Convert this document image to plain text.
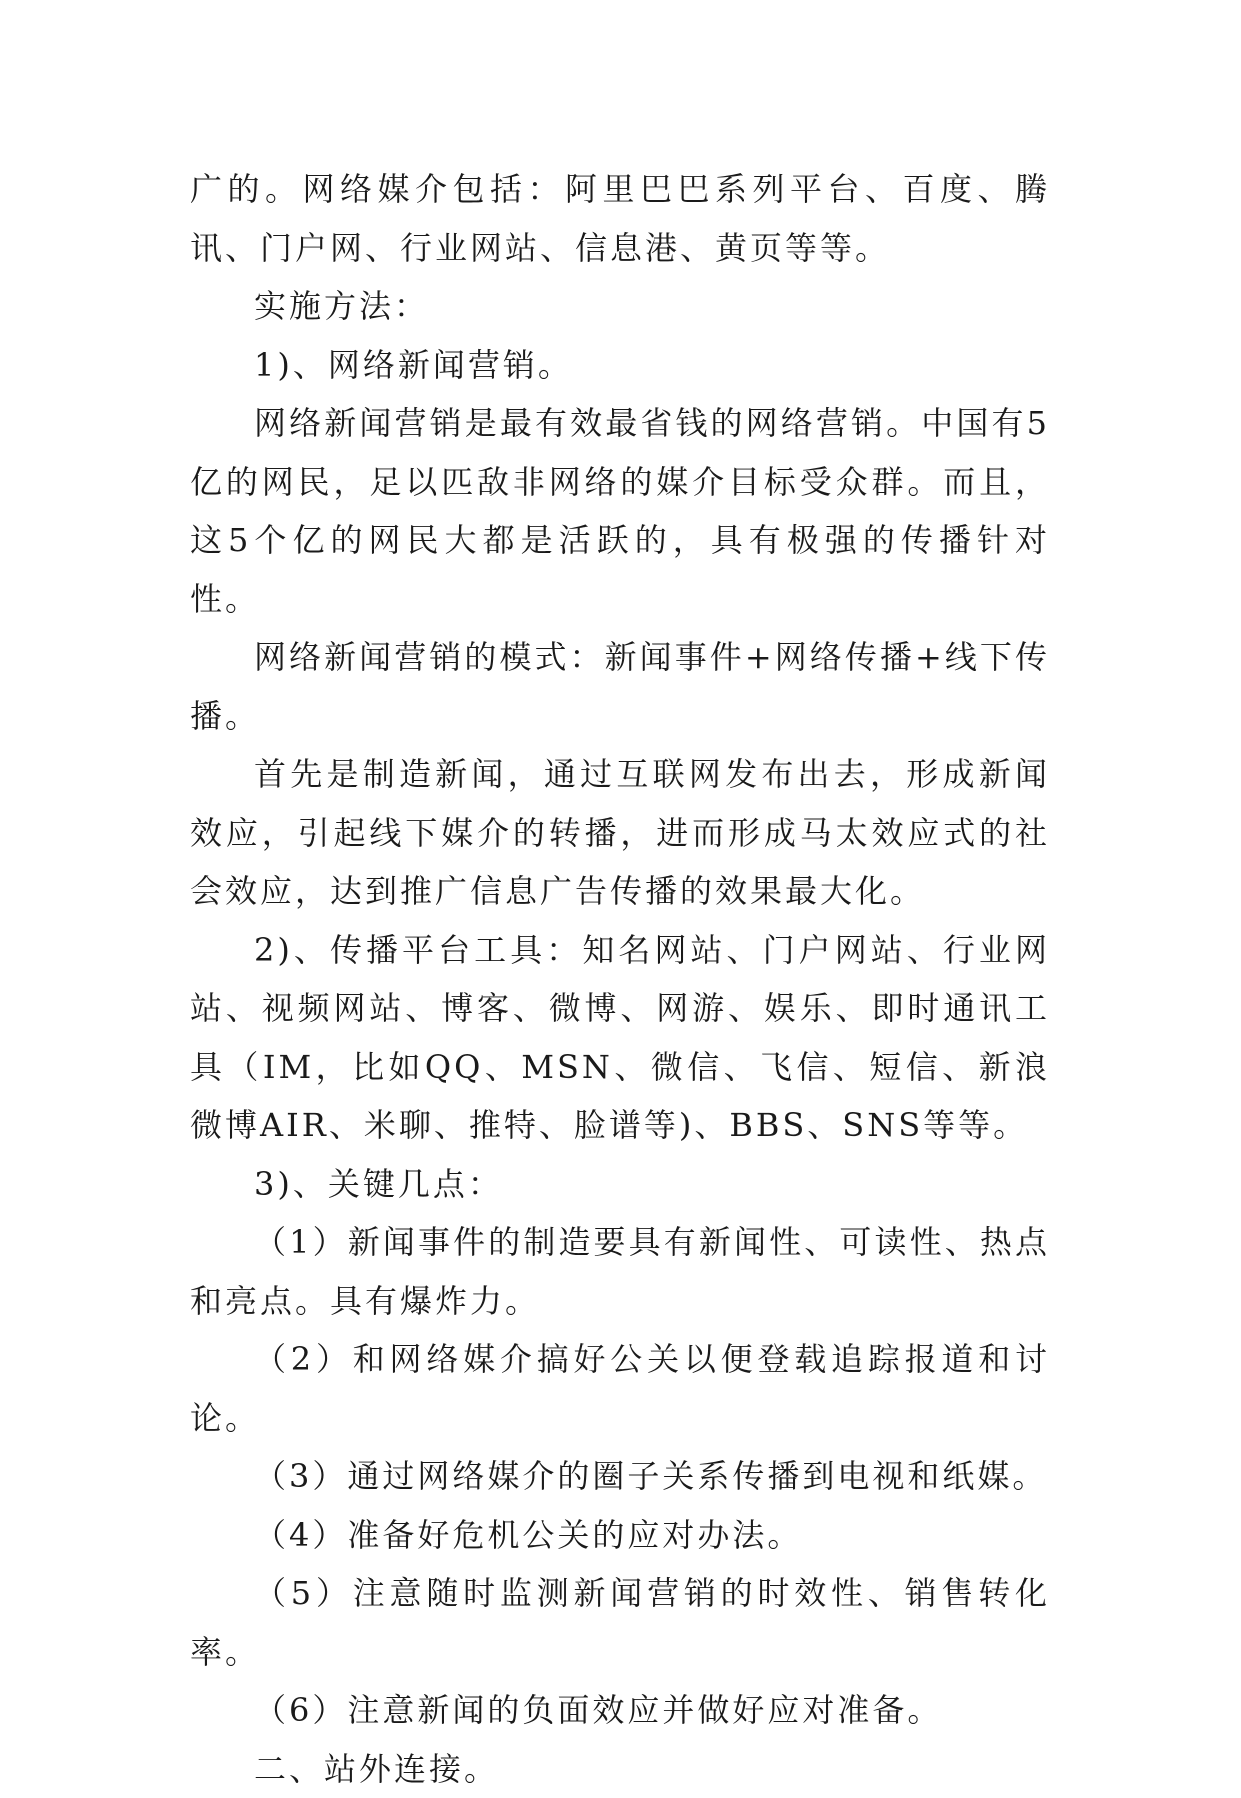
广的。网络媒介包括：阿里巴巴系列平台、百度、腾讯、门户网、行业网站、信息港、黄页等等。

实施方法：

1)、网络新闻营销。

网络新闻营销是最有效最省钱的网络营销。中国有5亿的网民，足以匹敌非网络的媒介目标受众群。而且，这5个亿的网民大都是活跃的，具有极强的传播针对性。

网络新闻营销的模式：新闻事件+网络传播+线下传播。

首先是制造新闻，通过互联网发布出去，形成新闻效应，引起线下媒介的转播，进而形成马太效应式的社会效应，达到推广信息广告传播的效果最大化。

2)、传播平台工具：知名网站、门户网站、行业网站、视频网站、博客、微博、网游、娱乐、即时通讯工具（IM，比如QQ、MSN、微信、飞信、短信、新浪微博AIR、米聊、推特、脸谱等)、BBS、SNS等等。

3)、关键几点：

（1）新闻事件的制造要具有新闻性、可读性、热点和亮点。具有爆炸力。

（2）和网络媒介搞好公关以便登载追踪报道和讨论。

（3）通过网络媒介的圈子关系传播到电视和纸媒。

（4）准备好危机公关的应对办法。

（5）注意随时监测新闻营销的时效性、销售转化率。

（6）注意新闻的负面效应并做好应对准备。

二、站外连接。
